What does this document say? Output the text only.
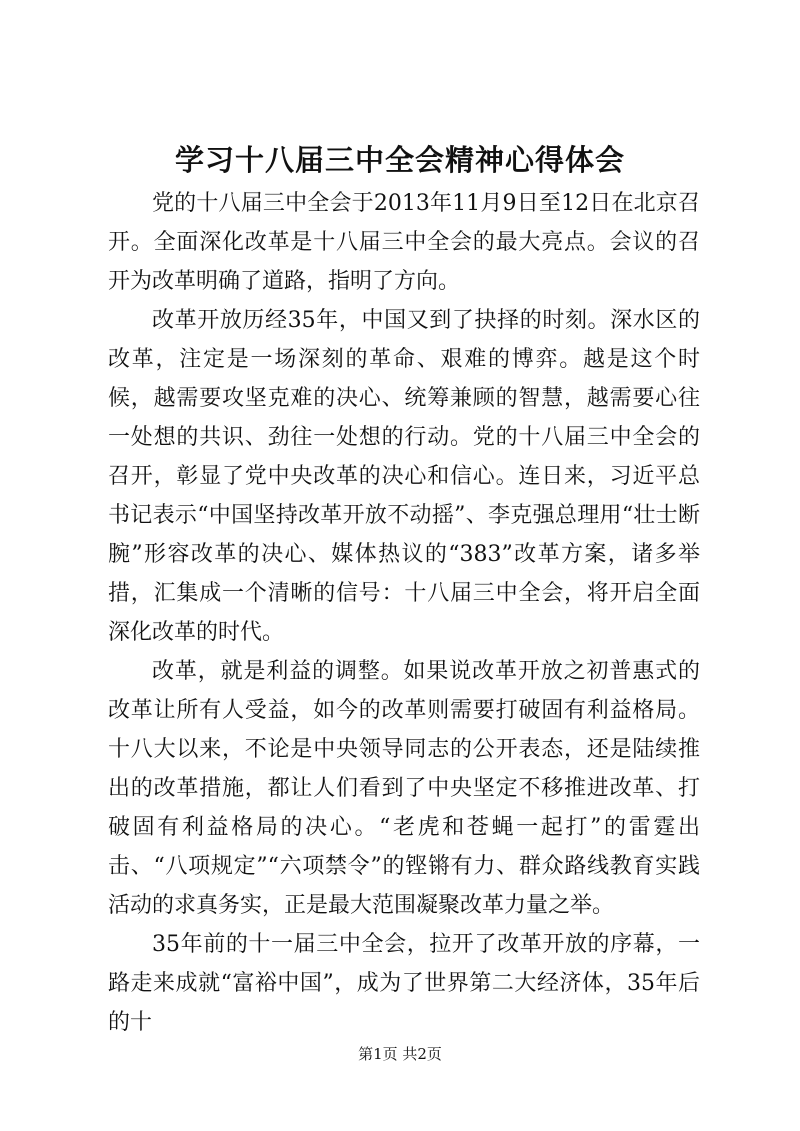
学习十八届三中全会精神心得体会

党的十八届三中全会于2013年11月9日至12日在北京召开。全面深化改革是十八届三中全会的最大亮点。会议的召开为改革明确了道路，指明了方向。

改革开放历经35年，中国又到了抉择的时刻。深水区的改革，注定是一场深刻的革命、艰难的博弈。越是这个时候，越需要攻坚克难的决心、统筹兼顾的智慧，越需要心往一处想的共识、劲往一处想的行动。党的十八届三中全会的召开，彰显了党中央改革的决心和信心。连日来，习近平总书记表示“中国坚持改革开放不动摇”、李克强总理用“壮士断腕”形容改革的决心、媒体热议的“383”改革方案，诸多举措，汇集成一个清晰的信号：十八届三中全会，将开启全面深化改革的时代。

改革，就是利益的调整。如果说改革开放之初普惠式的改革让所有人受益，如今的改革则需要打破固有利益格局。十八大以来，不论是中央领导同志的公开表态，还是陆续推出的改革措施，都让人们看到了中央坚定不移推进改革、打破固有利益格局的决心。“老虎和苍蝇一起打”的雷霆出击、“八项规定”“六项禁令”的铿锵有力、群众路线教育实践活动的求真务实，正是最大范围凝聚改革力量之举。

35年前的十一届三中全会，拉开了改革开放的序幕，一路走来成就“富裕中国”，成为了世界第二大经济体，35年后的十

第1页 共2页
